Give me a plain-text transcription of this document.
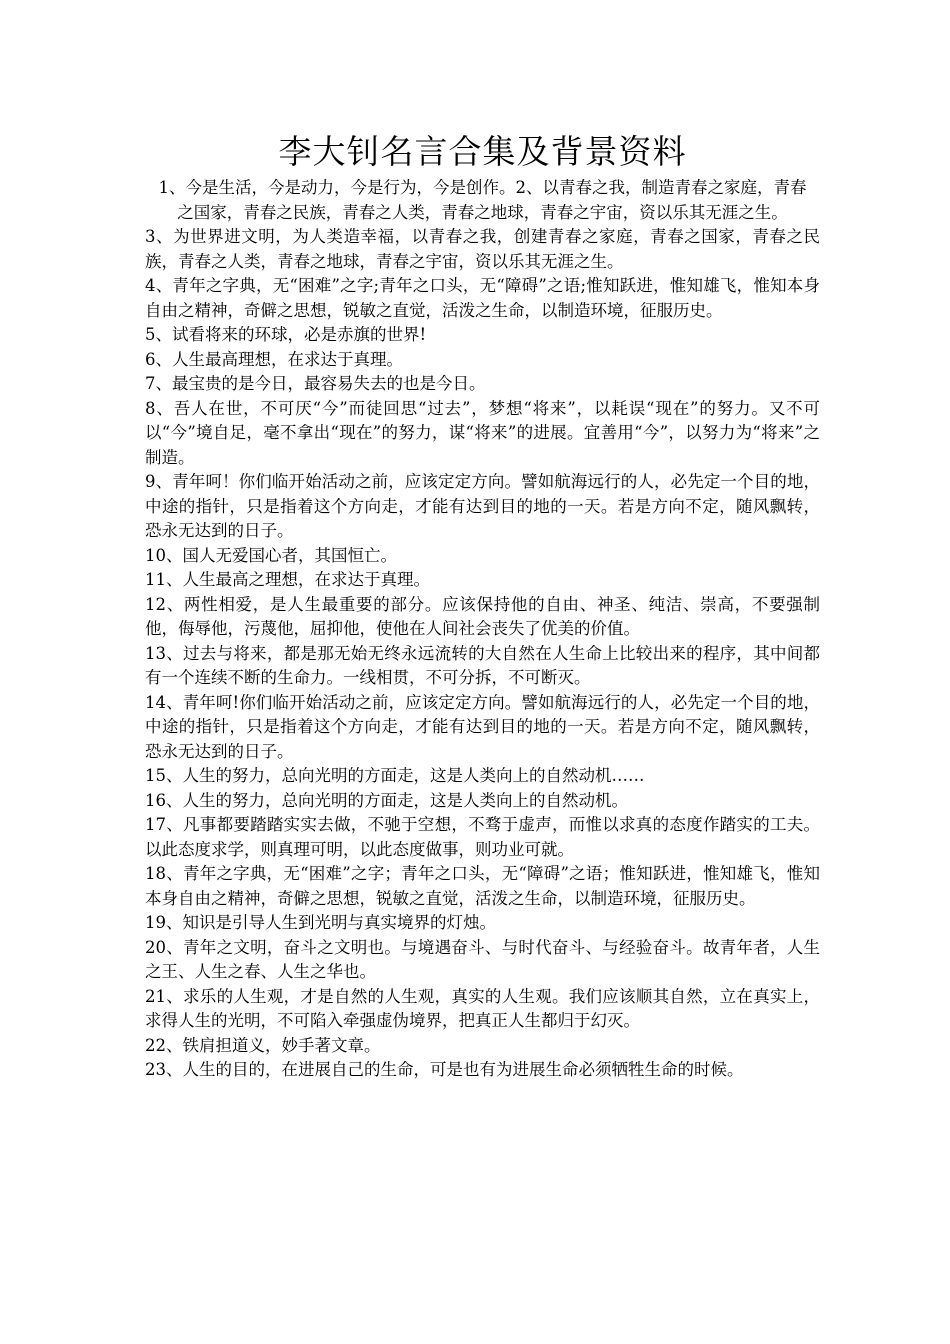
李大钊名言合集及背景资料

1、今是生活，今是动力，今是行为，今是创作。2、以青春之我，制造青春之家庭，青春之国家，青春之民族，青春之人类，青春之地球，青春之宇宙，资以乐其无涯之生。

3、为世界进文明，为人类造幸福，以青春之我，创建青春之家庭，青春之国家，青春之民族，青春之人类，青春之地球，青春之宇宙，资以乐其无涯之生。

4、青年之字典，无“困难”之字;青年之口头，无“障碍”之语;惟知跃进，惟知雄飞，惟知本身自由之精神，奇僻之思想，锐敏之直觉，活泼之生命，以制造环境，征服历史。

5、试看将来的环球，必是赤旗的世界!

6、人生最高理想，在求达于真理。

7、最宝贵的是今日，最容易失去的也是今日。

8、吾人在世，不可厌“今”而徒回思“过去”，梦想“将来”，以耗误“现在”的努力。又不可以“今”境自足，毫不拿出“现在”的努力，谋“将来”的进展。宜善用“今”，以努力为“将来”之制造。

9、青年呵！你们临开始活动之前，应该定定方向。譬如航海远行的人，必先定一个目的地，中途的指针，只是指着这个方向走，才能有达到目的地的一天。若是方向不定，随风飘转，恐永无达到的日子。

10、国人无爱国心者，其国恒亡。

11、人生最高之理想，在求达于真理。

12、两性相爱，是人生最重要的部分。应该保持他的自由、神圣、纯洁、崇高，不要强制他，侮辱他，污蔑他，屈抑他，使他在人间社会丧失了优美的价值。

13、过去与将来，都是那无始无终永远流转的大自然在人生命上比较出来的程序，其中间都有一个连续不断的生命力。一线相贯，不可分拆，不可断灭。

14、青年呵!你们临开始活动之前，应该定定方向。譬如航海远行的人，必先定一个目的地，中途的指针，只是指着这个方向走，才能有达到目的地的一天。若是方向不定，随风飘转，恐永无达到的日子。

15、人生的努力，总向光明的方面走，这是人类向上的自然动机……

16、人生的努力，总向光明的方面走，这是人类向上的自然动机。

17、凡事都要踏踏实实去做，不驰于空想，不骛于虚声，而惟以求真的态度作踏实的工夫。以此态度求学，则真理可明，以此态度做事，则功业可就。

18、青年之字典，无“困难”之字；青年之口头，无“障碍”之语；惟知跃进，惟知雄飞，惟知本身自由之精神，奇僻之思想，锐敏之直觉，活泼之生命，以制造环境，征服历史。

19、知识是引导人生到光明与真实境界的灯烛。

20、青年之文明，奋斗之文明也。与境遇奋斗、与时代奋斗、与经验奋斗。故青年者，人生之王、人生之春、人生之华也。

21、求乐的人生观，才是自然的人生观，真实的人生观。我们应该顺其自然，立在真实上，求得人生的光明，不可陷入牵强虚伪境界，把真正人生都归于幻灭。

22、铁肩担道义，妙手著文章。

23、人生的目的，在进展自己的生命，可是也有为进展生命必须牺牲生命的时候。
